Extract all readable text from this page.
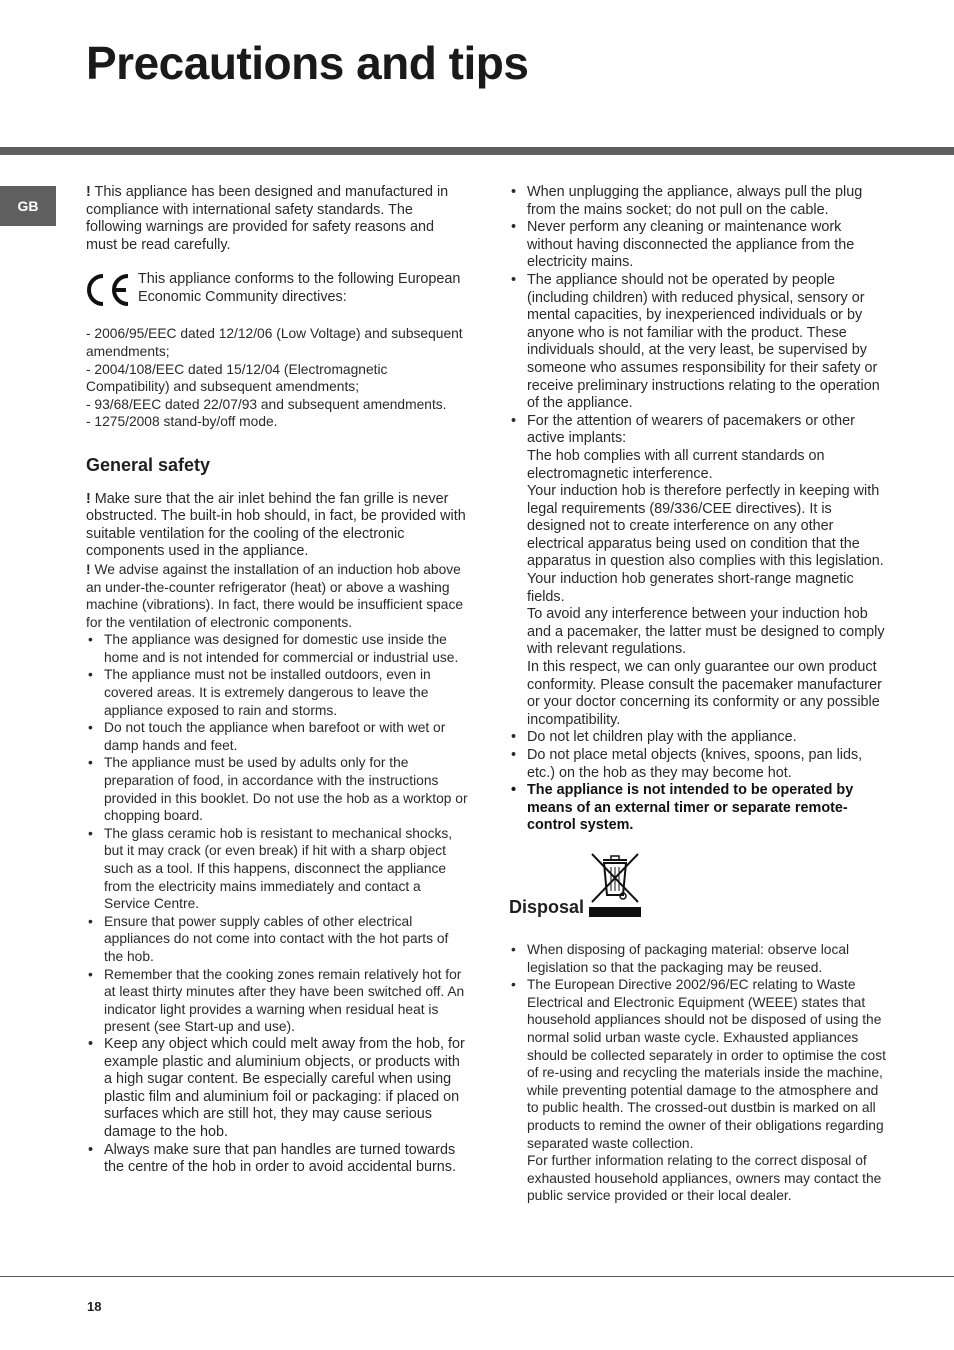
Precautions and tips
GB

! This appliance has been designed and manufactured in compliance with international safety standards. The following warnings are provided for safety reasons and must be read carefully.

This appliance conforms to the following European Economic Community directives:

- 2006/95/EEC dated 12/12/06 (Low Voltage) and subsequent amendments;

- 2004/108/EEC dated 15/12/04 (Electromagnetic Compatibility) and subsequent amendments;

- 93/68/EEC dated 22/07/93 and subsequent amendments.

- 1275/2008 stand-by/off mode.

General safety

! Make sure that the air inlet behind the fan grille is never obstructed. The built-in hob should, in fact, be provided with suitable ventilation for the cooling of the electronic components used in the appliance.

! We advise against the installation of an induction hob above an under-the-counter refrigerator (heat) or above a washing machine (vibrations). In fact, there would be insufficient space for the ventilation of electronic components.

• The appliance was designed for domestic use inside the home and is not intended for commercial or industrial use.
• The appliance must not be installed outdoors, even in covered areas. It is extremely dangerous to leave the appliance exposed to rain and storms.
• Do not touch the appliance when barefoot or with wet or damp hands and feet.
• The appliance must be used by adults only for the preparation of food, in accordance with the instructions provided in this booklet. Do not use the hob as a worktop or chopping board.
• The glass ceramic hob is resistant to mechanical shocks, but it may crack (or even break) if hit with a sharp object such as a tool. If this happens, disconnect the appliance from the electricity mains immediately and contact a Service Centre.
• Ensure that power supply cables of other electrical appliances do not come into contact with the hot parts of the hob.
• Remember that the cooking zones remain relatively hot for at least thirty minutes after they have been switched off. An indicator light provides a warning when residual heat is present (see Start-up and use).
• Keep any object which could melt away from the hob, for example plastic and aluminium objects, or products with a high sugar content. Be especially careful when using plastic film and aluminium foil or packaging: if placed on surfaces which are still hot, they may cause serious damage to the hob.
• Always make sure that pan handles are turned towards the centre of the hob in order to avoid accidental burns.
• When unplugging the appliance, always pull the plug from the mains socket; do not pull on the cable.
• Never perform any cleaning or maintenance work without having disconnected the appliance from the electricity mains.
• The appliance should not be operated by people (including children) with reduced physical, sensory or mental capacities, by inexperienced individuals or by anyone who is not familiar with the product. These individuals should, at the very least, be supervised by someone who assumes responsibility for their safety or receive preliminary instructions relating to the operation of the appliance.
• For the attention of wearers of pacemakers or other active implants:

The hob complies with all current standards on electromagnetic interference.

Your induction hob is therefore perfectly in keeping with legal requirements (89/336/CEE directives). It is designed not to create interference on any other electrical apparatus being used on condition that the apparatus in question also complies with this legislation.

Your induction hob generates short-range magnetic fields.

To avoid any interference between your induction hob and a pacemaker, the latter must be designed to comply with relevant regulations.

In this respect, we can only guarantee our own product conformity. Please consult the pacemaker manufacturer or your doctor concerning its conformity or any possible incompatibility.

• Do not let children play with the appliance.
• Do not place metal objects (knives, spoons, pan lids, etc.) on the hob as they may become hot.
• The appliance is not intended to be operated by means of an external timer or separate remote-control system.
Disposal
• When disposing of packaging material: observe local legislation so that the packaging may be reused.
• The European Directive 2002/96/EC relating to Waste Electrical and Electronic Equipment (WEEE) states that household appliances should not be disposed of using the normal solid urban waste cycle. Exhausted appliances should be collected separately in order to optimise the cost of re-using and recycling the materials inside the machine, while preventing potential damage to the atmosphere and to public health. The crossed-out dustbin is marked on all products to remind the owner of their obligations regarding separated waste collection.

For further information relating to the correct disposal of exhausted household appliances, owners may contact the public service provided or their local dealer.

18
